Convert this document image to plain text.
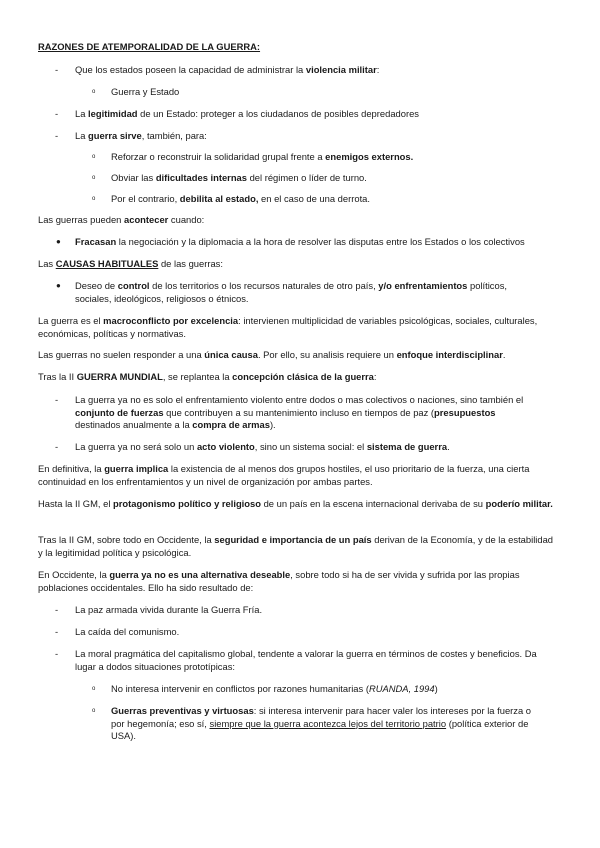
RAZONES DE ATEMPORALIDAD DE LA GUERRA:

- Que los estados poseen la capacidad de administrar la violencia militar:

o Guerra y Estado

- La legitimidad de un Estado: proteger a los ciudadanos de posibles depredadores

- La guerra sirve, también, para:

o Reforzar o reconstruir la solidaridad grupal frente a enemigos externos.

o Obviar las dificultades internas del régimen o líder de turno.

o Por el contrario, debilita al estado, en el caso de una derrota.

Las guerras pueden acontecer cuando:

● Fracasan la negociación y la diplomacia a la hora de resolver las disputas entre los Estados o los colectivos

Las CAUSAS HABITUALES de las guerras:

● Deseo de control de los territorios o los recursos naturales de otro país, y/o enfrentamientos políticos, sociales, ideológicos, religiosos o étnicos.

La guerra es el macroconflicto por excelencia: intervienen multiplicidad de variables psicológicas, sociales, culturales, económicas, políticas y normativas.

Las guerras no suelen responder a una única causa. Por ello, su analisis requiere un enfoque interdisciplinar.

Tras la II GUERRA MUNDIAL, se replantea la concepción clásica de la guerra:

- La guerra ya no es solo el enfrentamiento violento entre dodos o mas colectivos o naciones, sino también el conjunto de fuerzas que contribuyen a su mantenimiento incluso en tiempos de paz (presupuestos destinados anualmente a la compra de armas).

- La guerra ya no será solo un acto violento, sino un sistema social: el sistema de guerra.

En definitiva, la guerra implica la existencia de al menos dos grupos hostiles, el uso prioritario de la fuerza, una cierta continuidad en los enfrentamientos y un nivel de organización por ambas partes.

Hasta la II GM, el protagonismo político y religioso de un país en la escena internacional derivaba de su poderío militar.

Tras la II GM, sobre todo en Occidente, la seguridad e importancia de un país derivan de la Economía, y de la estabilidad y la legitimidad política y psicológica.

En Occidente, la guerra ya no es una alternativa deseable, sobre todo si ha de ser vivida y sufrida por las propias poblaciones occidentales. Ello ha sido resultado de:

- La paz armada vivida durante la Guerra Fría.

- La caída del comunismo.

- La moral pragmática del capitalismo global, tendente a valorar la guerra en términos de costes y beneficios. Da lugar a dodos situaciones prototípicas:

o No interesa intervenir en conflictos por razones humanitarias (RUANDA, 1994)

o Guerras preventivas y virtuosas: si interesa intervenir para hacer valer los intereses por la fuerza o por hegemonía; eso sí, siempre que la guerra acontezca lejos del territorio patrio (política exterior de USA).
